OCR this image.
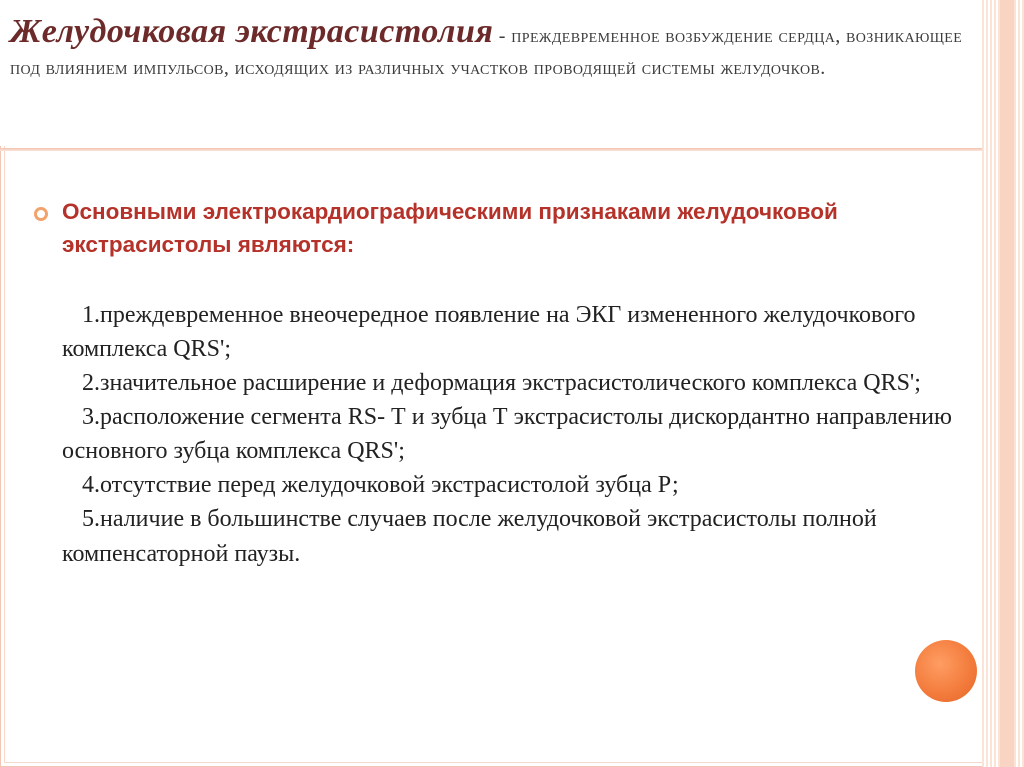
Желудочковая экстрасистолия - преждевременное возбуждение сердца, возникающее под влиянием импульсов, исходящих из различных участков проводящей системы желудочков.
Основными электрокардиографическими признаками желудочковой экстрасистолы являются:
1.преждевременное внеочередное появление на ЭКГ измененного желудочкового комплекса QRS';
2.значительное расширение и деформация экстрасистолического комплекса QRS';
3.расположение сегмента RS- Т и зубца Т экстрасистолы дискордантно направлению основного зубца комплекса QRS';
4.отсутствие перед желудочковой экстрасистолой зубца Р;
5.наличие в большинстве случаев после желудочковой экстрасистолы полной компенсаторной паузы.
